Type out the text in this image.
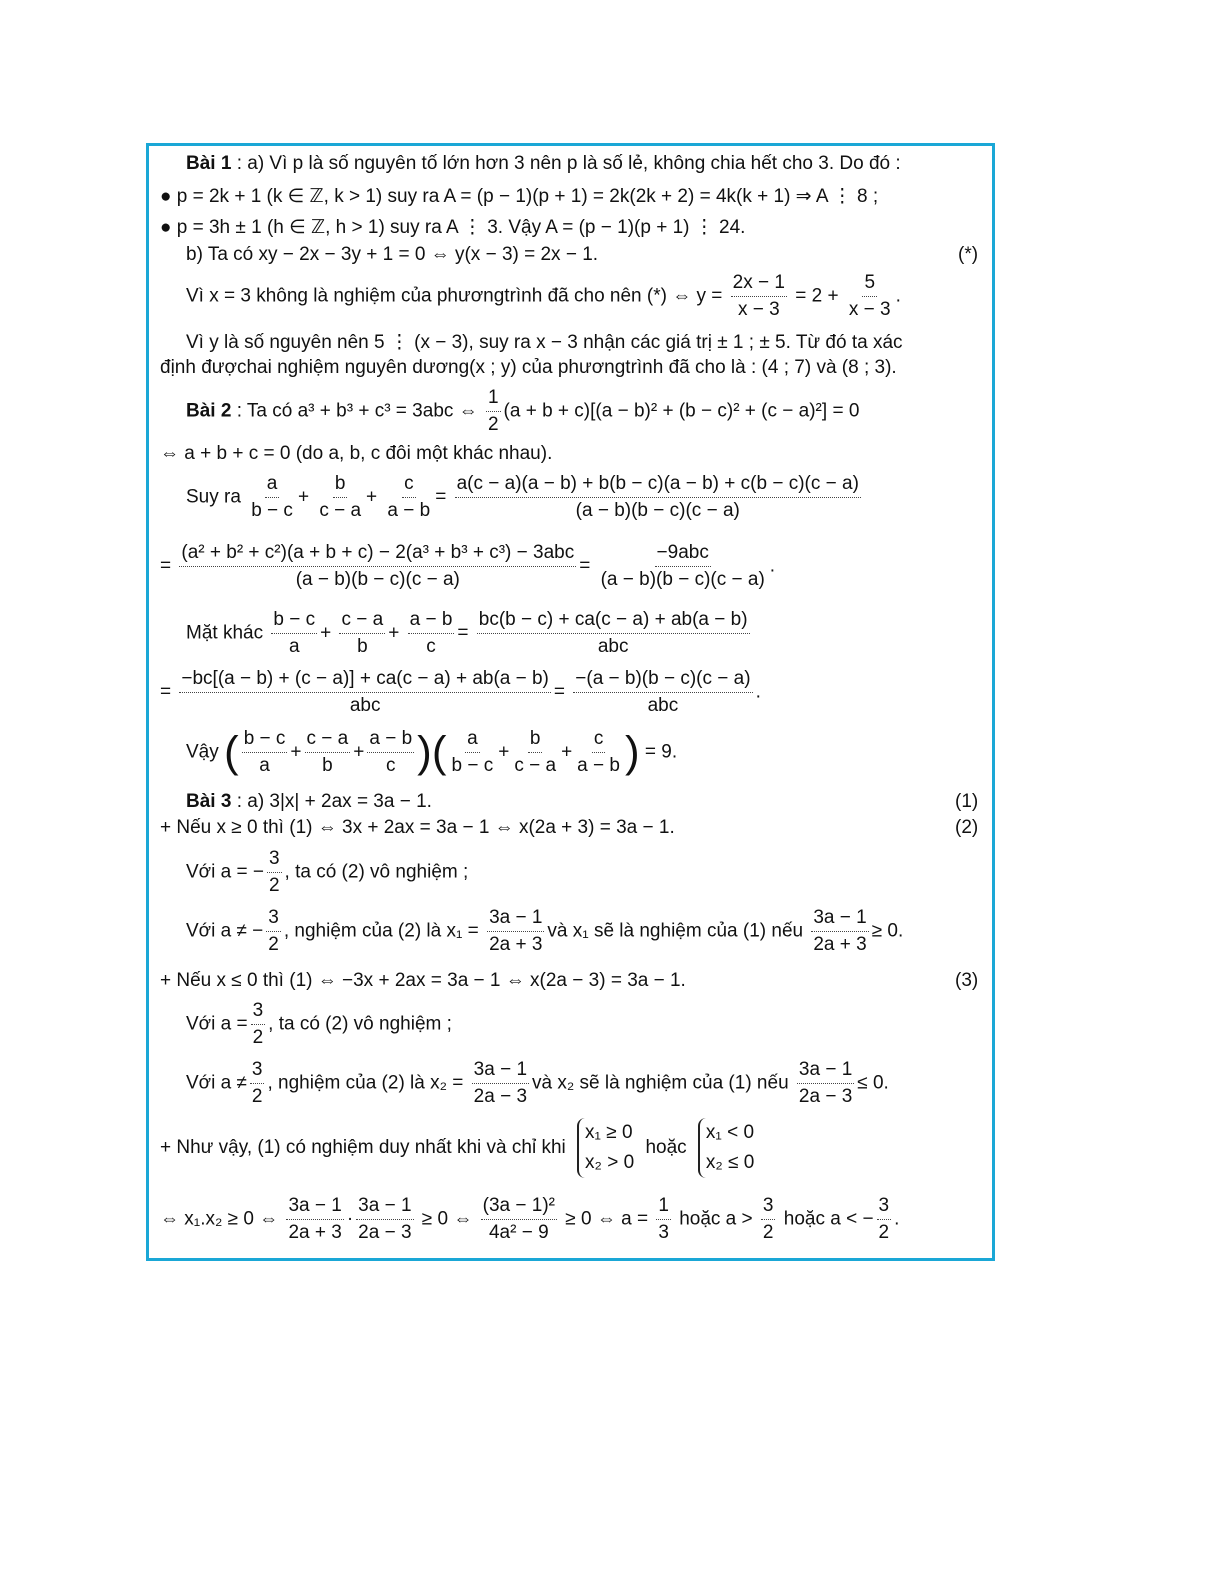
Bài 1 : a) Vì p là số nguyên tố lớn hơn 3 nên p là số lẻ, không chia hết cho 3. Do đó :
● p = 2k + 1 (k ∈ ℤ, k > 1) suy ra A = (p − 1)(p + 1) = 2k(2k + 2) = 4k(k + 1) ⇒ A ⋮ 8 ;
● p = 3h ± 1 (h ∈ ℤ, h > 1) suy ra A ⋮ 3. Vậy A = (p − 1)(p + 1) ⋮ 24.
b) Ta có xy − 2x − 3y + 1 = 0 ⇔ y(x − 3) = 2x − 1.	(*)
Vì x = 3 không là nghiệm của phươngtrình đã cho nên (*) ⇔ $y = \frac{2x - 1}{x - 3} = 2 + \frac{5}{x - 3}$ .
Vì y là số nguyên nên 5 ⋮ (x − 3), suy ra x − 3 nhận các giá trị ± 1 ; ± 5. Từ đó ta xác
định đượchai nghiệm nguyên dương(x ; y) của phươngtrình đã cho là : (4 ; 7) và (8 ; 3).
Bài 2 : Ta có a³ + b³ + c³ = 3abc ⇔ $\frac{1}{2} (a + b + c)[(a - b)^2 + (b - c)^2 + (c - a)^2] = 0$
⇔ a + b + c = 0 (do a, b, c đôi một khác nhau).
Suy ra $\frac{a}{b - c} + \frac{b}{c - a} + \frac{c}{a - b} = \frac{a(c - a)(a - b) + b(b - c)(a - b) + c(b - c)(c - a)}{(a - b)(b - c)(c - a)}$
= $\frac{\text{(a² + b² + c²)(a + b + c) − 2(a³ + b³ + c³) − 3abc}}{(a - b)(b - c)(c - a)} = \frac{\text{−9abc}}{(a - b)(b - c)(c - a)}$ .
Mặt khác $\frac{b - c}{a} + \frac{c - a}{b} + \frac{a - b}{c} = \frac{bc(b - c) + ca(c - a) + ab(a - b)}{\text{abc}}$
= $\frac{-bc[(a - b) + (c - a)] + ca(c - a) + ab(a - b)}{\text{abc}} = \frac{-(a - b)(b - c)(c - a)}{\text{abc}}$ .
Vậy ( $\frac{b - c}{a} + \frac{c - a}{b} + \frac{a - b}{c}$ )( $\frac{a}{b - c} + \frac{b}{c - a} + \frac{c}{a - b}$ ) = 9.
Bài 3 : a) 3|x| + 2ax = 3a − 1.	(1)
+ Nếu x ≥ 0 thì (1) ⇔ 3x + 2ax = 3a − 1 ⇔ x(2a + 3) = 3a − 1.	(2)
Với a = − $\frac{3}{2}$ , ta có (2) vô nghiệm ;
Với a ≠ − $\frac{3}{2}$ , nghiệm của (2) là $x_1 = \frac{3a - 1}{2a + 3}$ và x₁ sẽ là nghiệm của (1) nếu $\frac{3a - 1}{2a + 3} \ge 0$.
+ Nếu x ≤ 0 thì (1) ⇔ −3x + 2ax = 3a − 1 ⇔ x(2a − 3) = 3a − 1.	(3)
Với $a = \frac{3}{2}$ , ta có (2) vô nghiệm ;
Với $a \ne \frac{3}{2}$ , nghiệm của (2) là $x_2 = \frac{3a - 1}{2a - 3}$ và x₂ sẽ là nghiệm của (1) nếu $\frac{3a - 1}{2a - 3} \le 0$.
+ Như vậy, (1) có nghiệm duy nhất khi và chỉ khi
x₁ ≥ 0
x₂ > 0
hoặc
x₁ < 0
x₂ ≤ 0
⇔ x₁.x₂ ≥ 0 ⇔ $\frac{3a - 1}{2a + 3} \cdot \frac{3a - 1}{2a - 3} \ge 0$ ⇔ $\frac{\text{(3a − 1)²}}{\text{4a² − 9}} \ge 0$ ⇔ $a = \frac{1}{3}$ hoặc $a > \frac{3}{2}$ hoặc a < − $\frac{3}{2}$ .
